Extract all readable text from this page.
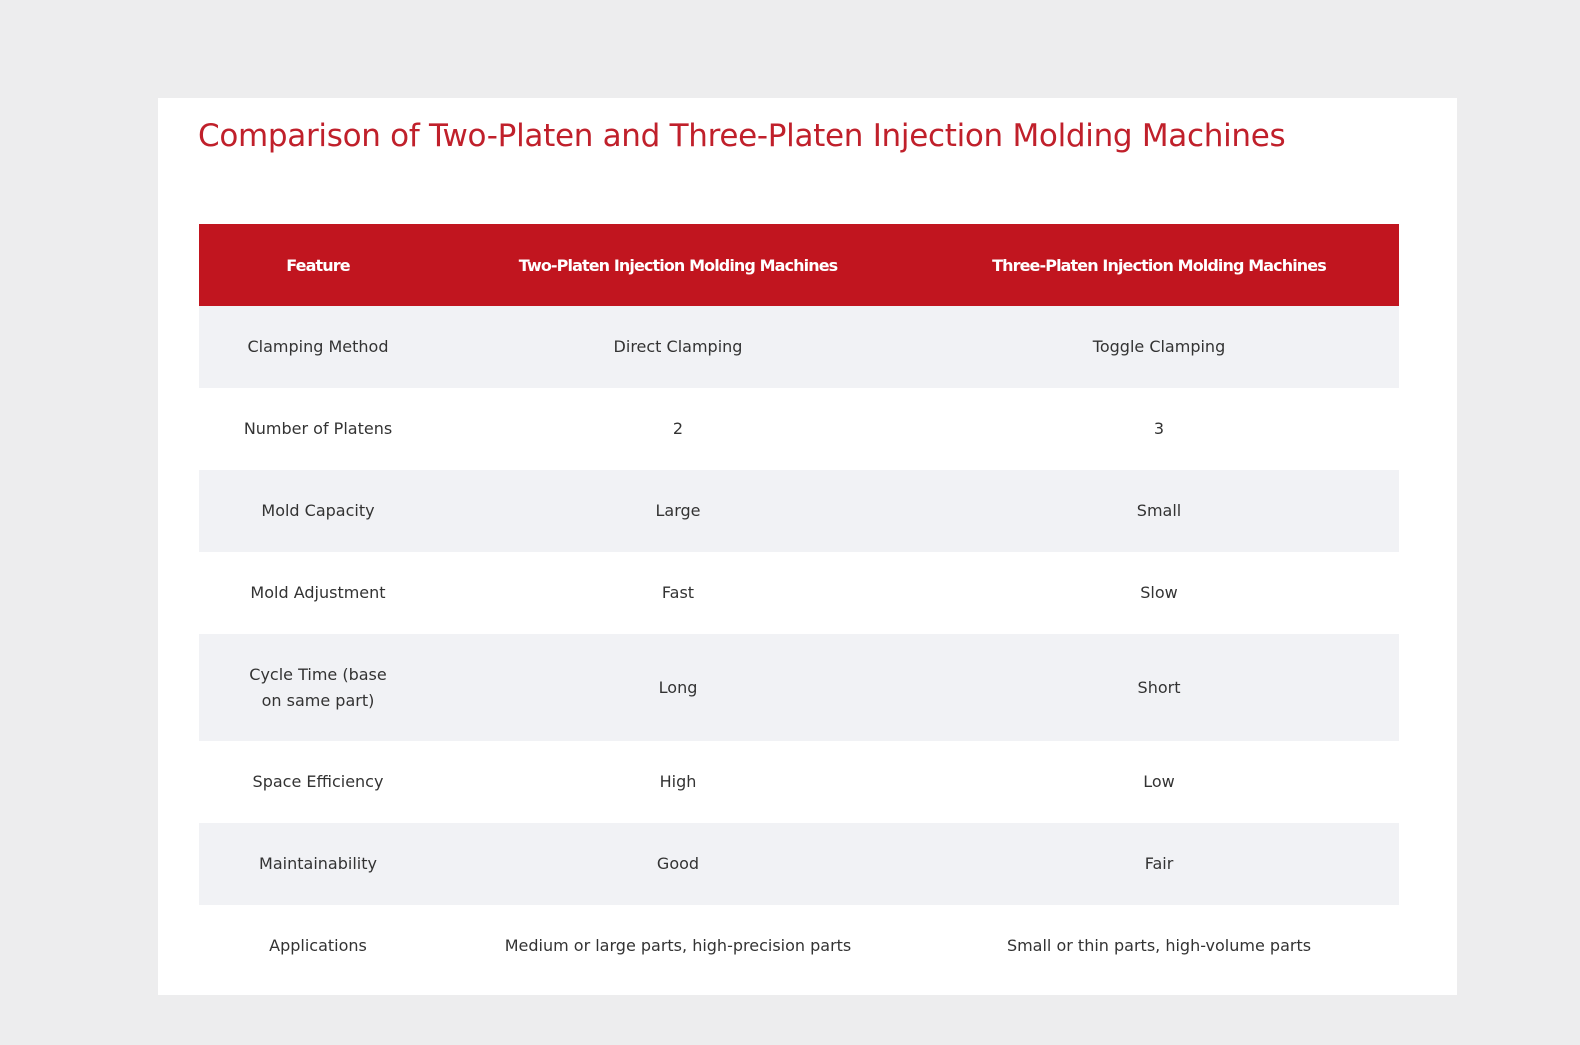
Comparison of Two-Platen and Three-Platen Injection Molding Machines
Feature	Two-Platen Injection Molding Machines	Three-Platen Injection Molding Machines
Clamping Method	Direct Clamping	Toggle Clamping
Number of Platens	2	3
Mold Capacity	Large	Small
Mold Adjustment	Fast	Slow
Cycle Time (base on same part)	Long	Short
Space Efficiency	High	Low
Maintainability	Good	Fair
Applications	Medium or large parts, high-precision parts	Small or thin parts, high-volume parts
